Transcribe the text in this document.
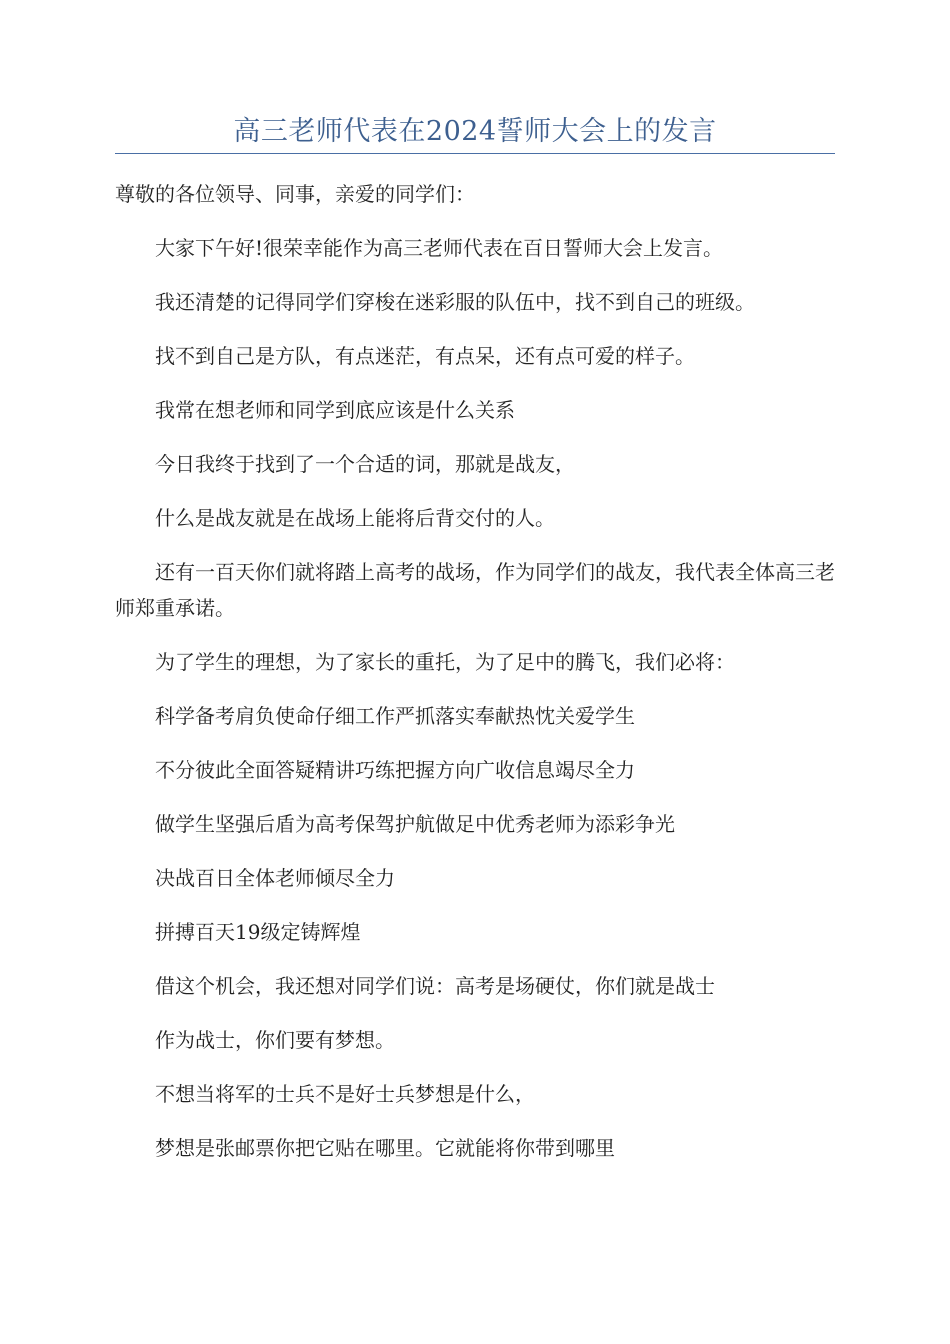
高三老师代表在2024誓师大会上的发言

尊敬的各位领导、同事，亲爱的同学们：

大家下午好!很荣幸能作为高三老师代表在百日誓师大会上发言。

我还清楚的记得同学们穿梭在迷彩服的队伍中，找不到自己的班级。

找不到自己是方队，有点迷茫，有点呆，还有点可爱的样子。

我常在想老师和同学到底应该是什么关系

今日我终于找到了一个合适的词，那就是战友，

什么是战友就是在战场上能将后背交付的人。

还有一百天你们就将踏上高考的战场，作为同学们的战友，我代表全体高三老师郑重承诺。

为了学生的理想，为了家长的重托，为了足中的腾飞，我们必将：

科学备考肩负使命仔细工作严抓落实奉献热忱关爱学生

不分彼此全面答疑精讲巧练把握方向广收信息竭尽全力

做学生坚强后盾为高考保驾护航做足中优秀老师为添彩争光

决战百日全体老师倾尽全力

拼搏百天19级定铸辉煌

借这个机会，我还想对同学们说：高考是场硬仗，你们就是战士

作为战士，你们要有梦想。

不想当将军的士兵不是好士兵梦想是什么，

梦想是张邮票你把它贴在哪里。它就能将你带到哪里
